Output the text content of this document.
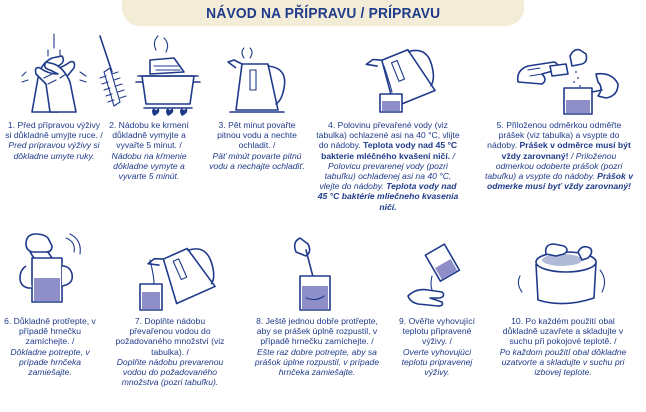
NÁVOD NA PŘÍPRAVU / PRÍPRAVU

1. Před přípravou výživy si důkladně umyjte ruce. /

Pred prípravou výživy si dôkladne umyte ruky.

2. Nádobu ke krmení důkladně vymyjte a vyvařte 5 minut. /

Nádobu na kŕmenie dôkladne vymyte a vyvarte 5 minút.

3. Pět minut povařte pitnou vodu a nechte ochladit. /

Päť minút povarte pitnú vodu a nechajte ochladiť.

4. Polovinu převařené vody (viz tabulka) ochlazené asi na 40 °C, vlijte do nádoby. Teplota vody nad 45 °C bakterie mléčného kvašení ničí. / Polovicu prevarenej vody (pozri tabuľku) ochladenej asi na 40 °C, vlejte do nádoby. Teplota vody nad 45 °C baktérie mliečneho kvasenia ničí.

5. Přiloženou odměrkou odměřte prášek (viz tabulka) a vsypte do nádoby. Prášek v odměrce musí být vždy zarovnaný! / Priloženou odmerkou odoberte prášok (pozri tabuľku) a vsypte do nádoby. Prášok v odmerke musí byť vždy zarovnaný!

6. Důkladně protřepte, v případě hrnečku zamíchejte. /

Dôkladne potrepte, v prípade hrnčeka zamiešajte.

7. Doplňte nádobu převařenou vodou do požadovaného množství (viz tabulka). /

Doplňte nádobu prevarenou vodou do požadovaného množstva (pozri tabuľku).

8. Ještě jednou dobře protřepte, aby se prášek úplně rozpustil, v případě hrnečku zamíchejte. /

Ešte raz dobre potrepte, aby sa prášok úplne rozpustil, v prípade hrnčeka zamiešajte.

9. Ověřte vyhovující teplotu připravené výživy. /

Overte vyhovujúci teplotu pripravenej výživy.

10. Po každém použití obal důkladně uzavřete a skladujte v suchu při pokojové teplotě. /

Po každom použití obal dôkladne uzatvorte a skladujte v suchu pri izbovej teplote.
